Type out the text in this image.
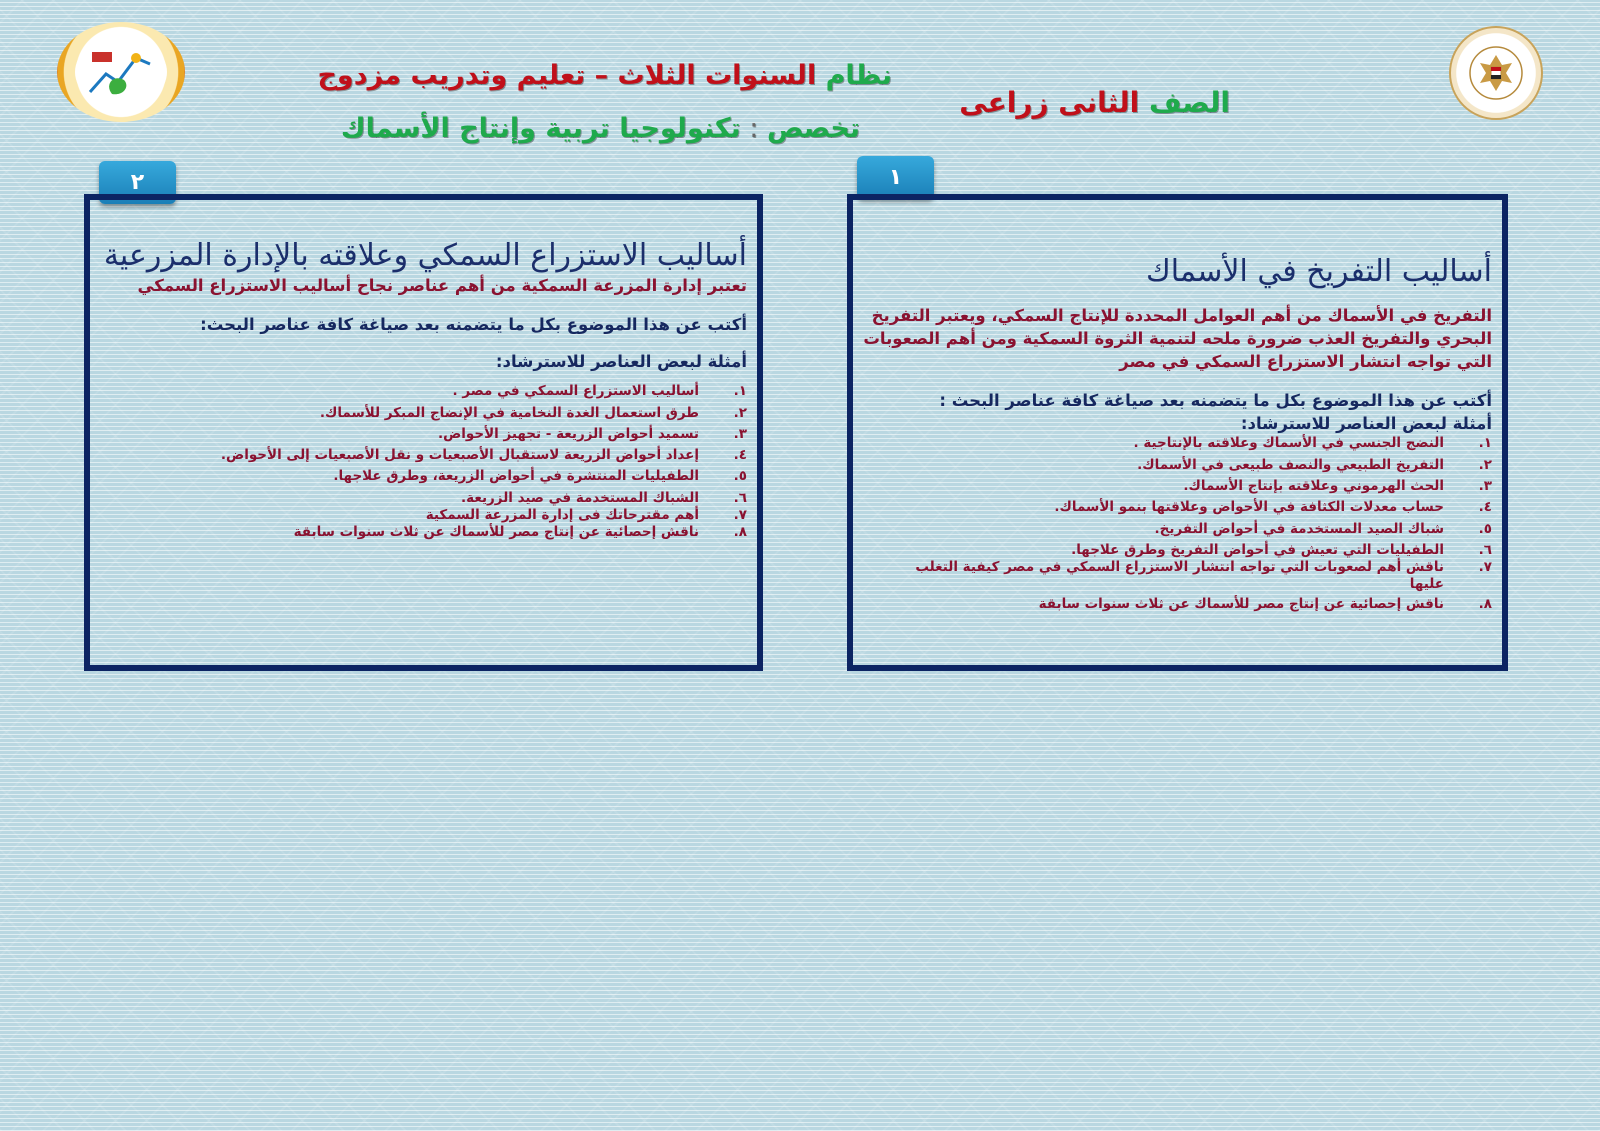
نظام السنوات الثلاث – تعليم وتدريب مزدوج
تخصص : تكنولوجيا تربية وإنتاج الأسماك
الصف الثانى زراعى
٢	١
أساليب الاستزراع السمكي وعلاقته بالإدارة المزرعية
تعتبر إدارة المزرعة السمكية من أهم عناصر نجاح أساليب الاستزراع السمكي
أكتب عن هذا الموضوع بكل ما يتضمنه بعد صياغة كافة عناصر البحث:
أمثلة لبعض العناصر للاسترشاد:
١.
أساليب الاستزراع السمكي في مصر .
٢.
طرق استعمال الغدة النخامية في الإنضاج المبكر للأسماك.
٣.
تسميد أحواض الزريعة - تجهيز الأحواض.
٤.
إعداد أحواض الزريعة لاستقبال الأصبعيات و نقل الأصبعيات إلى الأحواض.
٥.
الطفيليات المنتشرة في أحواض الزريعة، وطرق علاجها.
٦.
الشباك المستخدمة في صيد الزريعة.
٧.
أهم مقترحاتك فى إدارة المزرعة السمكية
٨.
ناقش إحصائية عن إنتاج مصر للأسماك عن ثلاث سنوات سابقة
أساليب التفريخ في الأسماك
التفريخ في الأسماك من أهم العوامل المحددة للإنتاج السمكي، ويعتبر التفريخ البحري والتفريخ العذب ضرورة ملحه لتنمية الثروة السمكية ومن أهم الصعوبات التي تواجه انتشار الاستزراع السمكي في مصر
أكتب عن هذا الموضوع بكل ما يتضمنه بعد صياغة كافة عناصر البحث :
أمثلة لبعض العناصر للاسترشاد:
١.
النضج الجنسي في الأسماك وعلاقته بالإنتاجية .
٢.
التفريخ الطبيعي والنصف طبيعى في الأسماك.
٣.
الحث الهرموني وعلاقته بإنتاج الأسماك.
٤.
حساب معدلات الكثافة في الأحواض وعلاقتها بنمو الأسماك.
٥.
شباك الصيد المستخدمة في أحواض التفريخ.
٦.
الطفيليات التي تعيش في أحواض التفريخ وطرق علاجها.
٧.
ناقش أهم لصعوبات التي تواجه انتشار الاستزراع السمكي في مصر كيفية التغلب عليها
٨.
ناقش إحصائية عن إنتاج مصر للأسماك عن ثلاث سنوات سابقة
